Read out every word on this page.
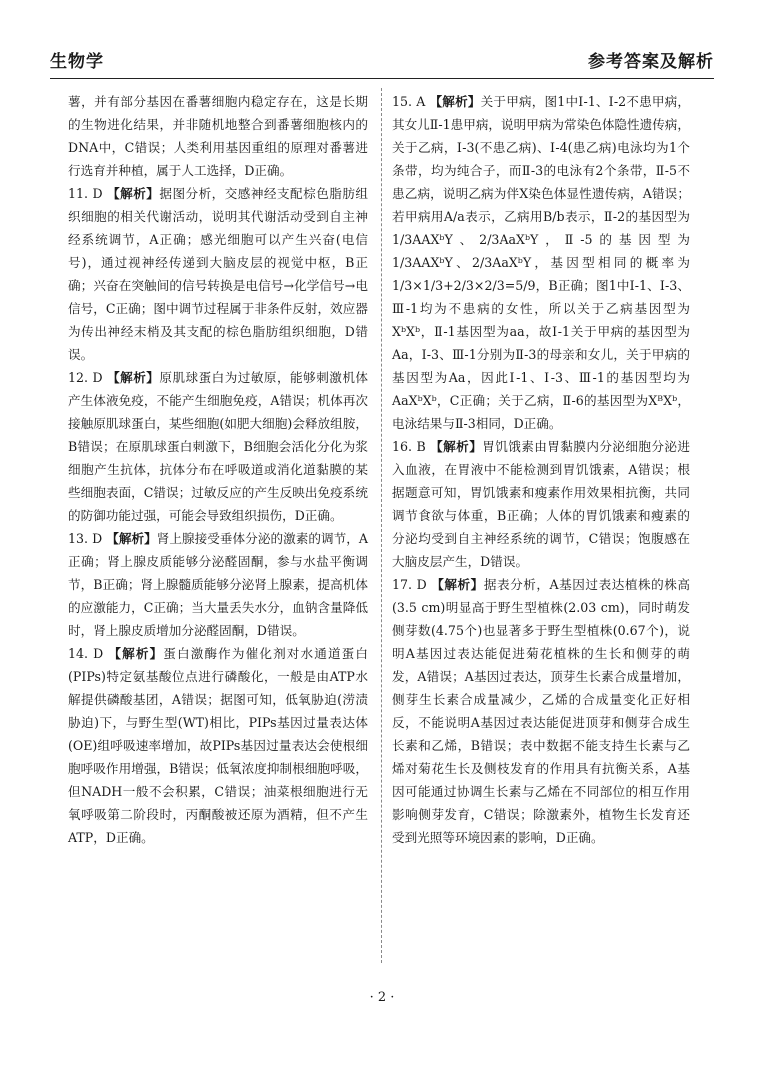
生物学	参考答案及解析

薯，并有部分基因在番薯细胞内稳定存在，这是长期的生物进化结果，并非随机地整合到番薯细胞核内的DNA中，C错误；人类利用基因重组的原理对番薯进行选育并种植，属于人工选择，D正确。

11. D 【解析】据图分析，交感神经支配棕色脂肪组织细胞的相关代谢活动，说明其代谢活动受到自主神经系统调节，A正确；感光细胞可以产生兴奋(电信号)，通过视神经传递到大脑皮层的视觉中枢，B正确；兴奋在突触间的信号转换是电信号→化学信号→电信号，C正确；图中调节过程属于非条件反射，效应器为传出神经末梢及其支配的棕色脂肪组织细胞，D错误。

12. D 【解析】原肌球蛋白为过敏原，能够刺激机体产生体液免疫，不能产生细胞免疫，A错误；机体再次接触原肌球蛋白，某些细胞(如肥大细胞)会释放组胺，B错误；在原肌球蛋白刺激下，B细胞会活化分化为浆细胞产生抗体，抗体分布在呼吸道或消化道黏膜的某些细胞表面，C错误；过敏反应的产生反映出免疫系统的防御功能过强，可能会导致组织损伤，D正确。

13. D 【解析】肾上腺接受垂体分泌的激素的调节，A正确；肾上腺皮质能够分泌醛固酮，参与水盐平衡调节，B正确；肾上腺髓质能够分泌肾上腺素，提高机体的应激能力，C正确；当大量丢失水分，血钠含量降低时，肾上腺皮质增加分泌醛固酮，D错误。

14. D 【解析】蛋白激酶作为催化剂对水通道蛋白(PIPs)特定氨基酸位点进行磷酸化，一般是由ATP水解提供磷酸基团，A错误；据图可知，低氧胁迫(涝渍胁迫)下，与野生型(WT)相比，PIPs基因过量表达体(OE)组呼吸速率增加，故PIPs基因过量表达会使根细胞呼吸作用增强，B错误；低氧浓度抑制根细胞呼吸，但NADH一般不会积累，C错误；油菜根细胞进行无氧呼吸第二阶段时，丙酮酸被还原为酒精，但不产生ATP，D正确。

15. A 【解析】关于甲病，图1中Ⅰ-1、Ⅰ-2不患甲病，其女儿Ⅱ-1患甲病，说明甲病为常染色体隐性遗传病，关于乙病，Ⅰ-3(不患乙病)、Ⅰ-4(患乙病)电泳均为1个条带，均为纯合子，而Ⅱ-3的电泳有2个条带，Ⅱ-5不患乙病，说明乙病为伴X染色体显性遗传病，A错误；若甲病用A/a表示，乙病用B/b表示，Ⅱ-2的基因型为1/3AAXᵇY、2/3AaXᵇY，Ⅱ-5的基因型为1/3AAXᵇY、2/3AaXᵇY，基因型相同的概率为1/3×1/3+2/3×2/3=5/9，B正确；图1中Ⅰ-1、Ⅰ-3、Ⅲ-1均为不患病的女性，所以关于乙病基因型为XᵇXᵇ，Ⅱ-1基因型为aa，故Ⅰ-1关于甲病的基因型为Aa，Ⅰ-3、Ⅲ-1分别为Ⅱ-3的母亲和女儿，关于甲病的基因型为Aa，因此Ⅰ-1、Ⅰ-3、Ⅲ-1的基因型均为AaXᵇXᵇ，C正确；关于乙病，Ⅱ-6的基因型为XᴮXᵇ，电泳结果与Ⅱ-3相同，D正确。

16. B 【解析】胃饥饿素由胃黏膜内分泌细胞分泌进入血液，在胃液中不能检测到胃饥饿素，A错误；根据题意可知，胃饥饿素和瘦素作用效果相抗衡，共同调节食欲与体重，B正确；人体的胃饥饿素和瘦素的分泌均受到自主神经系统的调节，C错误；饱腹感在大脑皮层产生，D错误。

17. D 【解析】据表分析，A基因过表达植株的株高(3.5 cm)明显高于野生型植株(2.03 cm)，同时萌发侧芽数(4.75个)也显著多于野生型植株(0.67个)，说明A基因过表达能促进菊花植株的生长和侧芽的萌发，A错误；A基因过表达，顶芽生长素合成量增加，侧芽生长素合成量减少，乙烯的合成量变化正好相反，不能说明A基因过表达能促进顶芽和侧芽合成生长素和乙烯，B错误；表中数据不能支持生长素与乙烯对菊花生长及侧枝发育的作用具有抗衡关系，A基因可能通过协调生长素与乙烯在不同部位的相互作用影响侧芽发育，C错误；除激素外，植物生长发育还受到光照等环境因素的影响，D正确。

· 2 ·
